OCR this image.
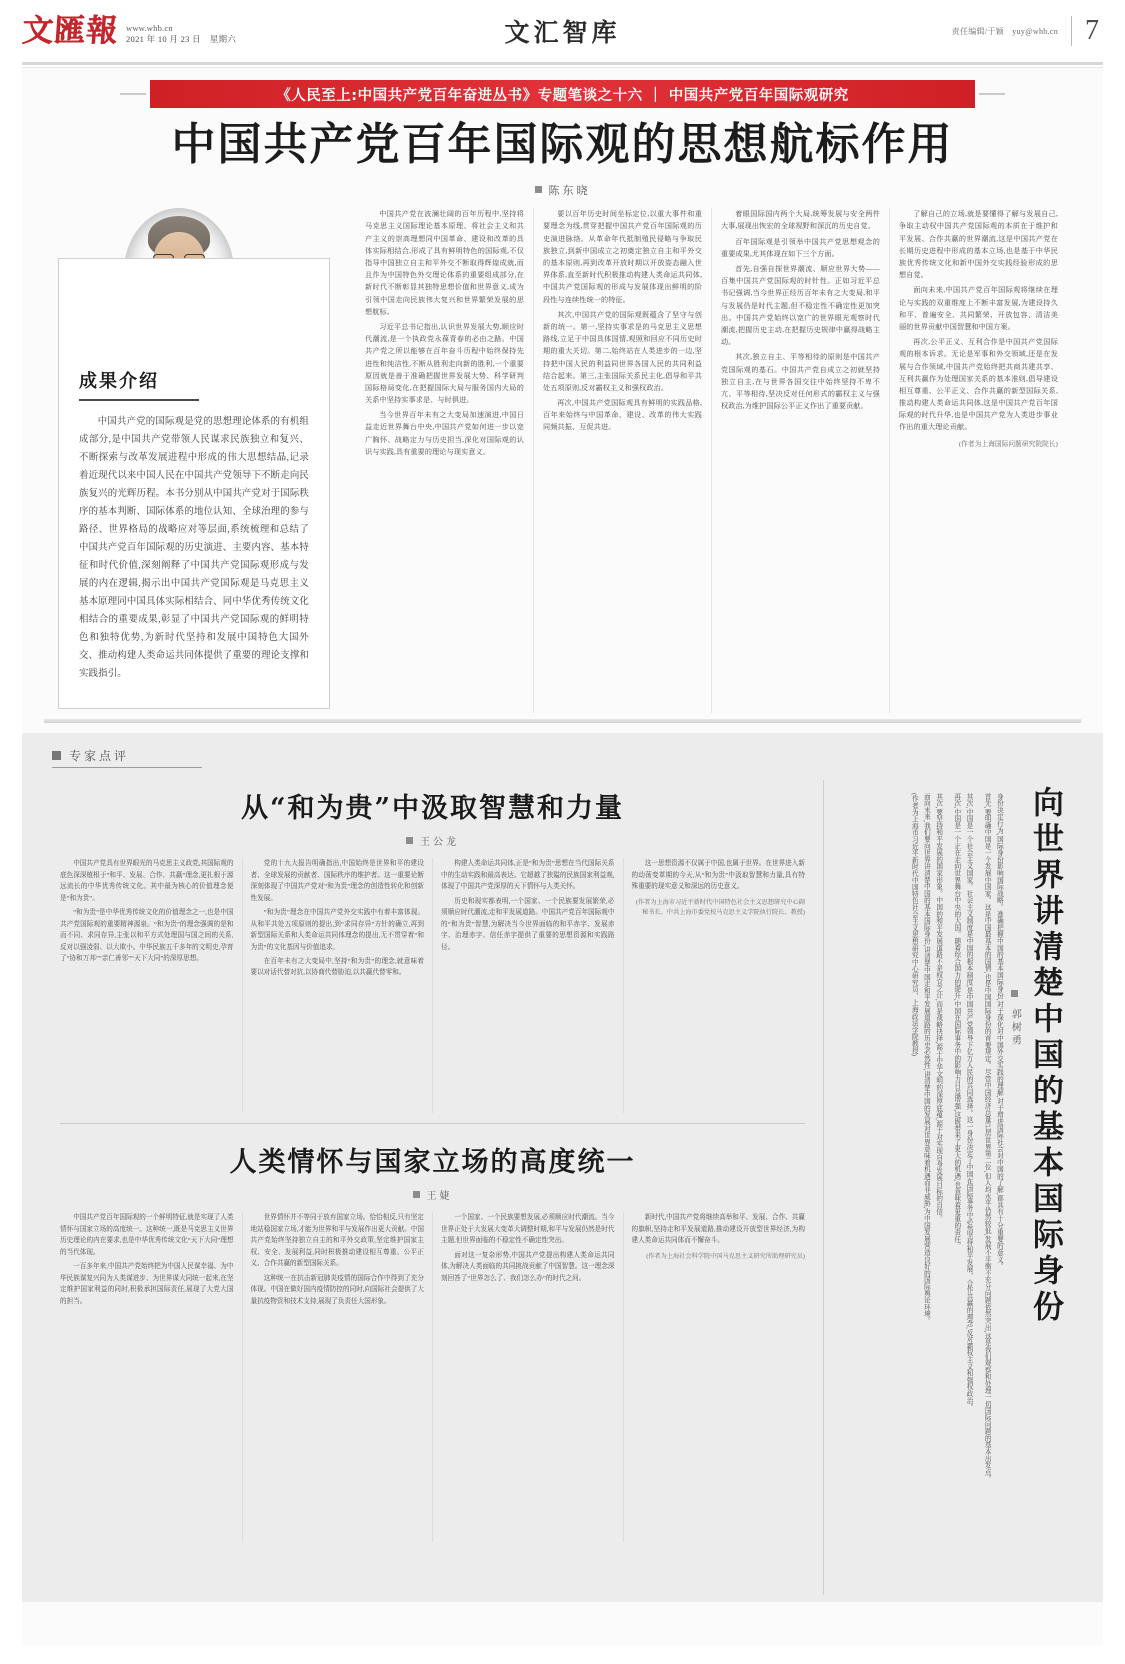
文匯報 www.whb.cn
2021 年 10 月 23 日　星期六	文汇智库	责任编辑/于颖　yuy@whb.cn 7
《人民至上:中国共产党百年奋进丛书》专题笔谈之十六 ｜ 中国共产党百年国际观研究
中国共产党百年国际观的思想航标作用
陈东晓
成果介绍
中国共产党的国际观是党的思想理论体系的有机组成部分,是中国共产党带领人民谋求民族独立和复兴、不断探索与改革发展进程中形成的伟大思想结晶,记录着近现代以来中国人民在中国共产党领导下不断走向民族复兴的光辉历程。本书分别从中国共产党对于国际秩序的基本判断、国际体系的地位认知、全球治理的参与路径、世界格局的战略应对等层面,系统梳理和总结了中国共产党百年国际观的历史演进、主要内容、基本特征和时代价值,深刻阐释了中国共产党国际观形成与发展的内在逻辑,揭示出中国共产党国际观是马克思主义基本原理同中国具体实际相结合、同中华优秀传统文化相结合的重要成果,彰显了中国共产党国际观的鲜明特色和独特优势,为新时代坚持和发展中国特色大国外交、推动构建人类命运共同体提供了重要的理论支撑和实践指引。

中国共产党在波澜壮阔的百年历程中,坚持将马克思主义国际理论基本原理、将社会主义和共产主义的崇高理想同中国革命、建设和改革的具体实际相结合,形成了具有鲜明特色的国际观,不仅指导中国独立自主和平外交不断取得辉煌成就,而且作为中国特色外交理论体系的重要组成部分,在新时代不断彰显其独特思想价值和世界意义,成为引领中国走向民族伟大复兴和世界繁荣发展的思想航标。

习近平总书记指出,认识世界发展大势,顺应时代潮流,是一个执政党永葆青春的必由之路。中国共产党之所以能够在百年奋斗历程中始终保持先进性和纯洁性,不断从胜利走向新的胜利,一个重要原因就是善于准确把握世界发展大势、科学研判国际格局变化,在把握国际大局与服务国内大局的关系中坚持实事求是、与时俱进。

当今世界百年未有之大变局加速演进,中国日益走近世界舞台中央,中国共产党如何进一步以宽广胸怀、战略定力与历史担当,深化对国际观的认识与实践,具有重要的理论与现实意义。

要以百年历史时间坐标定位,以重大事件和重要理念为线,贯穿把握中国共产党百年国际观的历史演进脉络。从革命年代抵制殖民侵略与争取民族独立,到新中国成立之初奠定独立自主和平外交的基本原则,再到改革开放时期以开放姿态融入世界体系,直至新时代积极推动构建人类命运共同体,中国共产党国际观的形成与发展体现出鲜明的阶段性与连续性统一的特征。

其次,中国共产党的国际观既蕴含了坚守与创新的统一。第一,坚持实事求是的马克思主义思想路线,立足于中国具体国情,观照和回应不同历史时期的重大关切。第二,始终站在人类进步的一边,坚持把中国人民的利益同世界各国人民的共同利益结合起来。第三,主张国际关系民主化,倡导和平共处五项原则,反对霸权主义和强权政治。

再次,中国共产党国际观具有鲜明的实践品格,百年来始终与中国革命、建设、改革的伟大实践同频共振、互促共进。

着眼国际国内两个大局,统筹发展与安全两件大事,展现出恢宏的全球视野和深沉的历史自觉。

百年国际观是引领举中国共产党思想观念的重要成果,尤其体现在如下三个方面。

首先,自强自探世界潮流、顺应世界大势——百集中国共产党国际观的时针性。正如习近平总书记强调,当今世界正经历百年未有之大变局,和平与发展仍是时代主题,但不稳定性不确定性更加突出。中国共产党始终以宽广的世界眼光观察时代潮流,把握历史主动,在把握历史规律中赢得战略主动。

其次,独立自主、平等相待的原则是中国共产党国际观的基石。中国共产党自成立之初就坚持独立自主,在与世界各国交往中始终坚持不卑不亢、平等相待,坚决反对任何形式的霸权主义与强权政治,为维护国际公平正义作出了重要贡献。

了解自己的立场,就是要懂得了解与发展自己,争取主动权中国共产党国际观的本质在于维护和平发展、合作共赢的世界潮流,这是中国共产党在长期历史进程中形成的基本立场,也是基于中华民族优秀传统文化和新中国外交实践经验形成的思想自觉。

面向未来,中国共产党百年国际观将继续在理论与实践的双重维度上不断丰富发展,为建设持久和平、普遍安全、共同繁荣、开放包容、清洁美丽的世界贡献中国智慧和中国方案。

再次,公平正义、互利合作是中国共产党国际观的根本诉求。无论是军事和外交领域,还是在发展与合作领域,中国共产党始终把共商共建共享、互利共赢作为处理国家关系的基本准则,倡导建设相互尊重、公平正义、合作共赢的新型国际关系,推动构建人类命运共同体,这是中国共产党百年国际观的时代升华,也是中国共产党为人类进步事业作出的重大理论贡献。

(作者为上海国际问题研究院院长)

专家点评
从“和为贵”中汲取智慧和力量
王公龙

中国共产党具有世界眼光的马克思主义政党,其国际观的底色深深植根于“和平、发展、合作、共赢”理念,更扎根于源远流长的中华优秀传统文化。其中最为核心的价值理念便是“和为贵”。

“和为贵”是中华优秀传统文化的价值理念之一,也是中国共产党国际观的重要精神源泉。“和为贵”的理念强调的是和而不同、求同存异,主张以和平方式处理国与国之间的关系,反对以强凌弱、以大欺小。中华民族五千多年的文明史,孕育了“协和万邦”“亲仁善邻”“天下大同”的深厚思想。

党的十九大报告明确指出,中国始终是世界和平的建设者、全球发展的贡献者、国际秩序的维护者。这一重要论断深刻体现了中国共产党对“和为贵”理念的创造性转化和创新性发展。

“和为贵”理念在中国共产党外交实践中有着丰富体现。从和平共处五项原则的提出,到“求同存异”方针的确立,再到新型国际关系和人类命运共同体理念的提出,无不贯穿着“和为贵”的文化基因与价值追求。

在百年未有之大变局中,坚持“和为贵”的理念,就意味着要以对话代替对抗,以协商代替胁迫,以共赢代替零和。

构建人类命运共同体,正是“和为贵”思想在当代国际关系中的生动实践和最高表达。它超越了狭隘的民族国家利益观,体现了中国共产党深厚的天下情怀与人类关怀。

历史和现实都表明,一个国家、一个民族要发展繁荣,必须顺应时代潮流,走和平发展道路。中国共产党百年国际观中的“和为贵”智慧,为解决当今世界面临的和平赤字、发展赤字、治理赤字、信任赤字提供了重要的思想资源和实践路径。

这一思想资源不仅属于中国,也属于世界。在世界进入新的动荡变革期的今天,从“和为贵”中汲取智慧和力量,具有特殊重要的现实意义和深远的历史意义。

(作者为上海市习近平新时代中国特色社会主义思想研究中心副秘书长、中共上海市委党校马克思主义学院执行院长、教授)

人类情怀与国家立场的高度统一
王婕

中国共产党百年国际观的一个鲜明特征,就是实现了人类情怀与国家立场的高度统一。这种统一,既是马克思主义世界历史理论的内在要求,也是中华优秀传统文化“天下大同”理想的当代体现。

一百多年来,中国共产党始终把为中国人民谋幸福、为中华民族谋复兴同为人类谋进步、为世界谋大同统一起来,在坚定维护国家利益的同时,积极承担国际责任,展现了大党大国的担当。

世界情怀并不等同于放弃国家立场。恰恰相反,只有坚定地站稳国家立场,才能为世界和平与发展作出更大贡献。中国共产党始终坚持独立自主的和平外交政策,坚定维护国家主权、安全、发展利益,同时积极推动建设相互尊重、公平正义、合作共赢的新型国际关系。

这种统一在抗击新冠肺炎疫情的国际合作中得到了充分体现。中国在做好国内疫情防控的同时,向国际社会提供了大量抗疫物资和技术支持,展现了负责任大国形象。

一个国家、一个民族要想发展,必须顺应时代潮流。当今世界正处于大发展大变革大调整时期,和平与发展仍然是时代主题,但世界面临的不稳定性不确定性突出。

面对这一复杂形势,中国共产党提出构建人类命运共同体,为解决人类面临的共同挑战贡献了中国智慧。这一理念深刻回答了“世界怎么了、我们怎么办”的时代之问。

新时代,中国共产党将继续高举和平、发展、合作、共赢的旗帜,坚持走和平发展道路,推动建设开放型世界经济,为构建人类命运共同体而不懈奋斗。

(作者为上海社会科学院中国马克思主义研究所助理研究员)	向世界讲清楚中国的基本国际身份
郭树勇

身份决定行为,国际身份影响国际战略。准确把握中国的基本国际身份,对于深化对中国外交实践的理解,对于增进国际社会对中国的了解,都具有十分重要的意义。

首先,要明确中国是一个发展中国家。这是中国最基本的国情,也是中国国际身份的首要规定。尽管中国经济总量已居世界第二位,但人均水平仍然较低,发展不平衡不充分问题依然突出,这是我们观察和处理一切国际问题的基本出发点。

其次,中国是一个社会主义国家。社会主义制度是中国的根本制度,是中国共产党领导下亿万人民的共同选择。这一身份决定了中国在国际事务中必然坚持和平发展、合作共赢的理念,反对霸权主义和强权政治。

再次,中国是一个正在走向世界舞台中央的大国。随着综合国力的提升,中国在国际事务中的影响力日益增强,这既带来了更大的机遇,也意味着更重的责任。

其次,要坚持和平发展的国家形象。中国的和平发展道路不是权宜之计,而是战略抉择,源于中华文明的深厚底蕴,源于对实现自身发展目标的自信。

面向未来,我们要向世界讲清楚中国的基本国际身份,讲清楚中国走和平发展道路的历史必然性,讲清楚中国的发展对世界意味着机遇而非威胁,为中国发展营造良好的国际舆论环境。

(作者为上海市习近平新时代中国特色社会主义思想研究中心研究员、上海政法学院教授)
